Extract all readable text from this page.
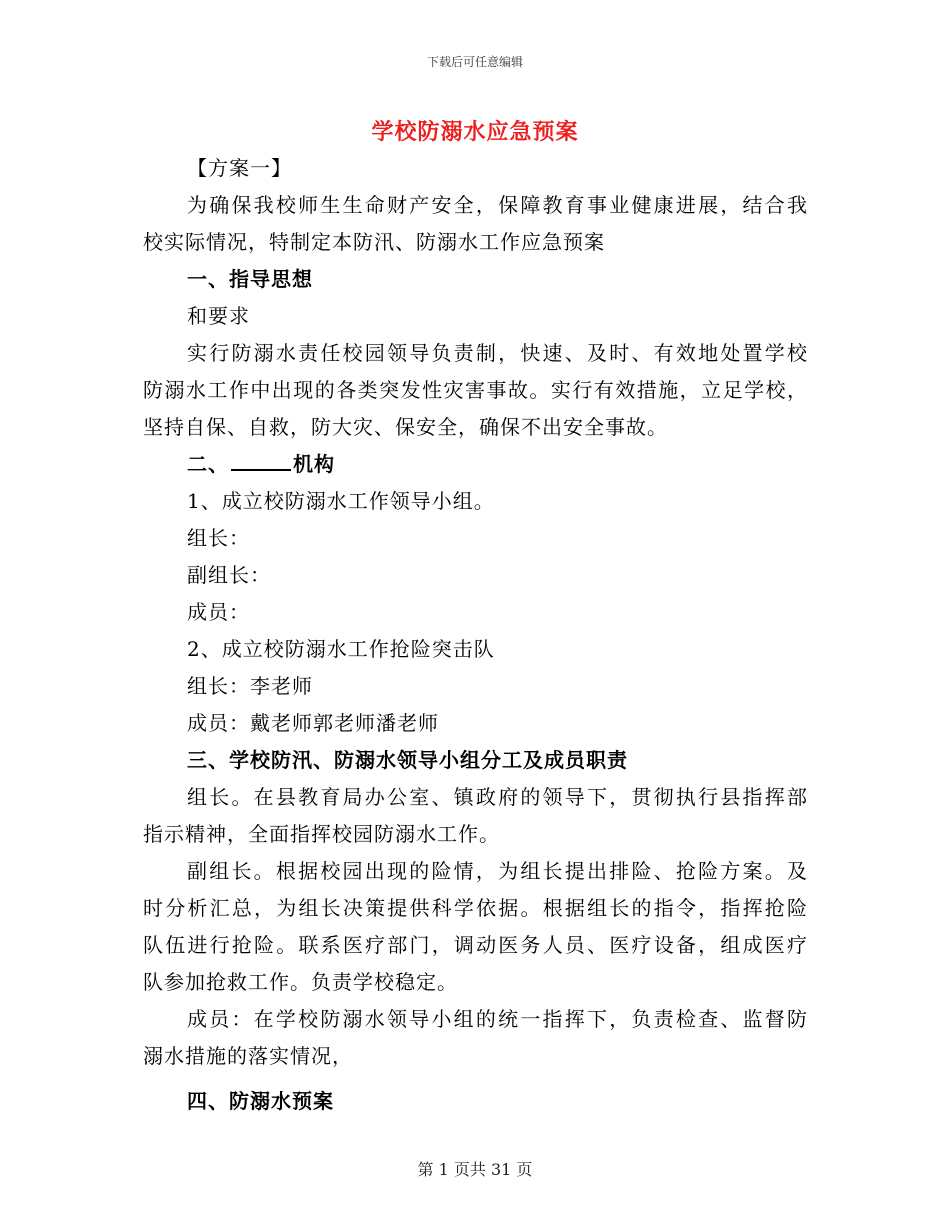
下载后可任意编辑
学校防溺水应急预案
【方案一】
为确保我校师生生命财产安全，保障教育事业健康进展，结合我
校实际情况，特制定本防汛、防溺水工作应急预案
一、指导思想
和要求
实行防溺水责任校园领导负责制，快速、及时、有效地处置学校
防溺水工作中出现的各类突发性灾害事故。实行有效措施，立足学校，
坚持自保、自救，防大灾、保安全，确保不出安全事故。
二、	机构
1、成立校防溺水工作领导小组。
组长：
副组长：
成员：
2、成立校防溺水工作抢险突击队
组长：李老师
成员：戴老师郭老师潘老师
三、学校防汛、防溺水领导小组分工及成员职责
组长。在县教育局办公室、镇政府的领导下，贯彻执行县指挥部
指示精神，全面指挥校园防溺水工作。
副组长。根据校园出现的险情，为组长提出排险、抢险方案。及
时分析汇总，为组长决策提供科学依据。根据组长的指令，指挥抢险
队伍进行抢险。联系医疗部门，调动医务人员、医疗设备，组成医疗
队参加抢救工作。负责学校稳定。
成员：在学校防溺水领导小组的统一指挥下，负责检查、监督防
溺水措施的落实情况，
四、防溺水预案
第 1 页共 31 页
